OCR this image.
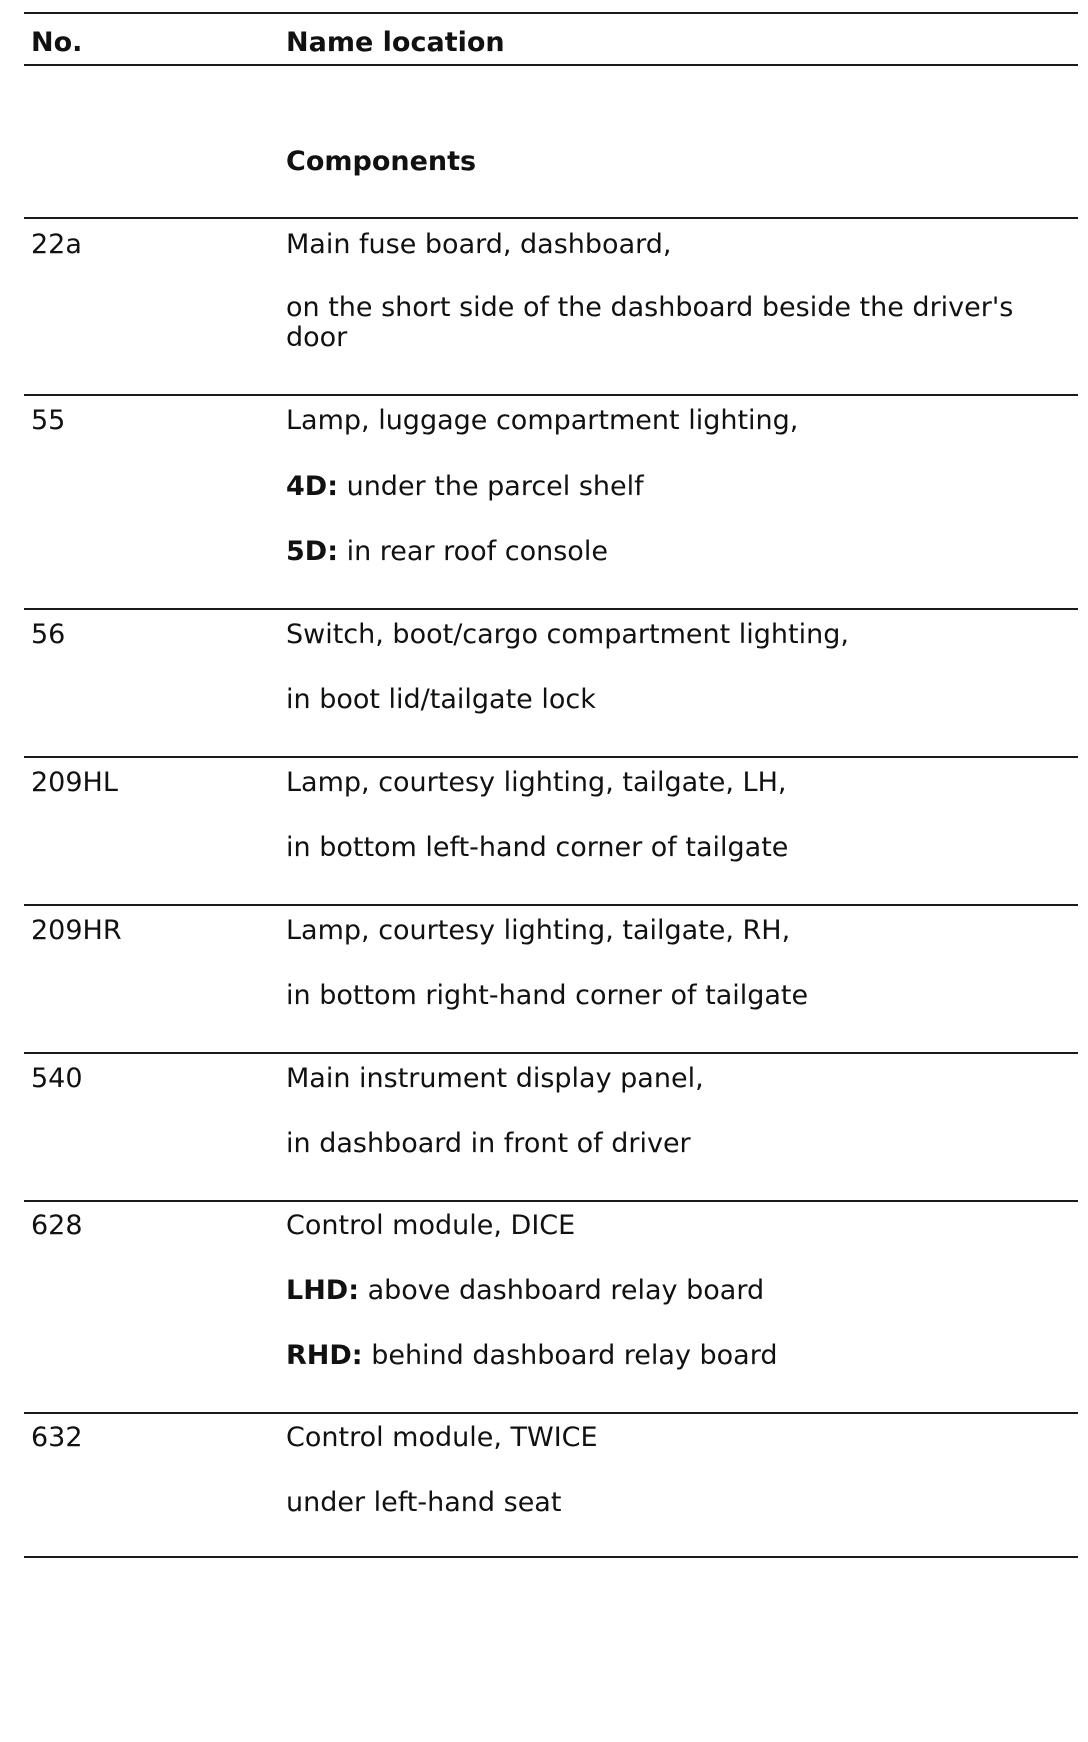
No.	Name location
Components
22a	Main fuse board, dashboard,
on the short side of the dashboard beside the driver's door
55	Lamp, luggage compartment lighting,
4D: under the parcel shelf
5D: in rear roof console
56	Switch, boot/cargo compartment lighting,
in boot lid/tailgate lock
209HL	Lamp, courtesy lighting, tailgate, LH,
in bottom left-hand corner of tailgate
209HR	Lamp, courtesy lighting, tailgate, RH,
in bottom right-hand corner of tailgate
540	Main instrument display panel,
in dashboard in front of driver
628	Control module, DICE
LHD: above dashboard relay board
RHD: behind dashboard relay board
632	Control module, TWICE
under left-hand seat
